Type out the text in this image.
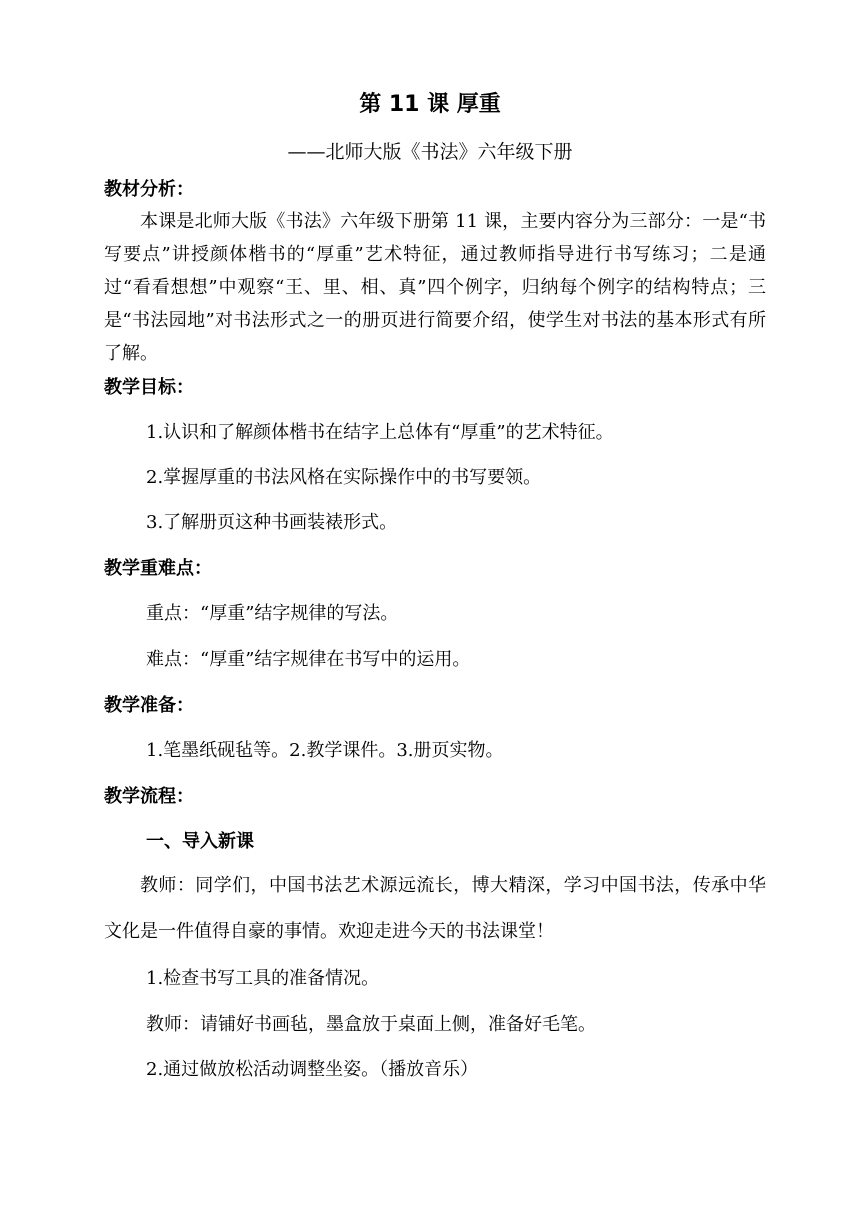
第 11 课 厚重
——北师大版《书法》六年级下册
教材分析：
本课是北师大版《书法》六年级下册第 11 课，主要内容分为三部分：一是“书写要点”讲授颜体楷书的“厚重”艺术特征，通过教师指导进行书写练习；二是通过“看看想想”中观察“王、里、相、真”四个例字，归纳每个例字的结构特点；三是“书法园地”对书法形式之一的册页进行简要介绍，使学生对书法的基本形式有所了解。
教学目标：
1.认识和了解颜体楷书在结字上总体有“厚重”的艺术特征。
2.掌握厚重的书法风格在实际操作中的书写要领。
3.了解册页这种书画装裱形式。
教学重难点：
重点：“厚重”结字规律的写法。
难点：“厚重”结字规律在书写中的运用。
教学准备：
1.笔墨纸砚毡等。2.教学课件。3.册页实物。
教学流程：
一、导入新课
教师：同学们，中国书法艺术源远流长，博大精深，学习中国书法，传承中华文化是一件值得自豪的事情。欢迎走进今天的书法课堂！
1.检查书写工具的准备情况。
教师：请铺好书画毡，墨盒放于桌面上侧，准备好毛笔。
2.通过做放松活动调整坐姿。（播放音乐）
